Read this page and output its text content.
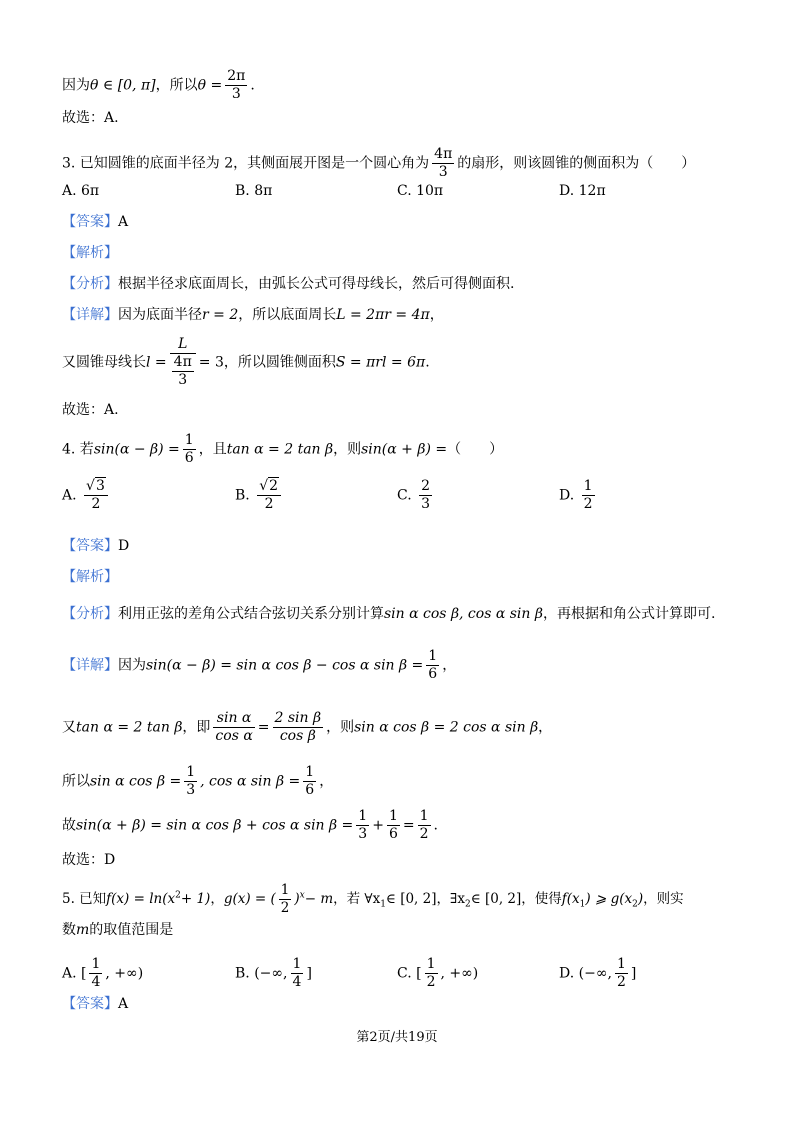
因为θ ∈ [0, π]，所以$\theta = \frac{2\pi}{3}$ .
故选：A.
3. 已知圆锥的底面半径为 2，其侧面展开图是一个圆心角为 $\frac{4\pi}{3}$ 的扇形，则该圆锥的侧面积为（　　）
A. 6π	B. 8π	C. 10π	D. 12π
【答案】A
【解析】
【分析】根据半径求底面周长，由弧长公式可得母线长，然后可得侧面积.
【详解】因为底面半径r = 2，所以底面周长L = 2πr = 4π，
又圆锥母线长$l = \frac{L}{\frac{4\pi}{3}} = 3$，所以圆锥侧面积S = πrl = 6π.
故选：A.
4. 若$\sin(\alpha - \beta) = \frac{1}{6}$ ，且tan α = 2 tan β，则sin(α + β) =（　　）
A. $\frac{√3}{2}$	B. $\frac{√2}{2}$	C. $\frac{2}{3}$	D. $\frac{1}{2}$
【答案】D
【解析】
【分析】利用正弦的差角公式结合弦切关系分别计算sin α cos β, cos α sin β，再根据和角公式计算即可.
【详解】因为sin(α − β) = sin α cos β − cos α $\sin \beta = \frac{1}{6}$ ，
又tan α = 2 tan β，即 $\frac{\text{sin α}}{\text{cos α}} = \frac{\text{2 sin β}}{\text{cos β}}$ ，则sin α cos β = 2 cos α sin β，
所以sin α $\cos \beta = \frac{1}{3}$ , cos α $\sin \beta = \frac{1}{6}$ ，
故sin(α + β) = sin α cos β + cos α $\sin \beta = \frac{1}{3} + \frac{1}{6} = \frac{1}{2}$ .
故选：D
5. 已知$f(x) = \ln(x^2+ 1)$，g(x) = ( $\frac{1}{2} )^x- m$，若 $\forall x_1\in$ [0, 2]，$\exists x_2\in$ [0, 2]，使得$f(x_1)$ ⩾ $g(x_2)$，则实
数m的取值范围是
A. [ $\frac{1}{4}$ , +∞)	B. (−∞, $\frac{1}{4}$ ]	C. [ $\frac{1}{2}$ , +∞)	D. (−∞, $\frac{1}{2}$ ]
【答案】A
第2页/共19页
